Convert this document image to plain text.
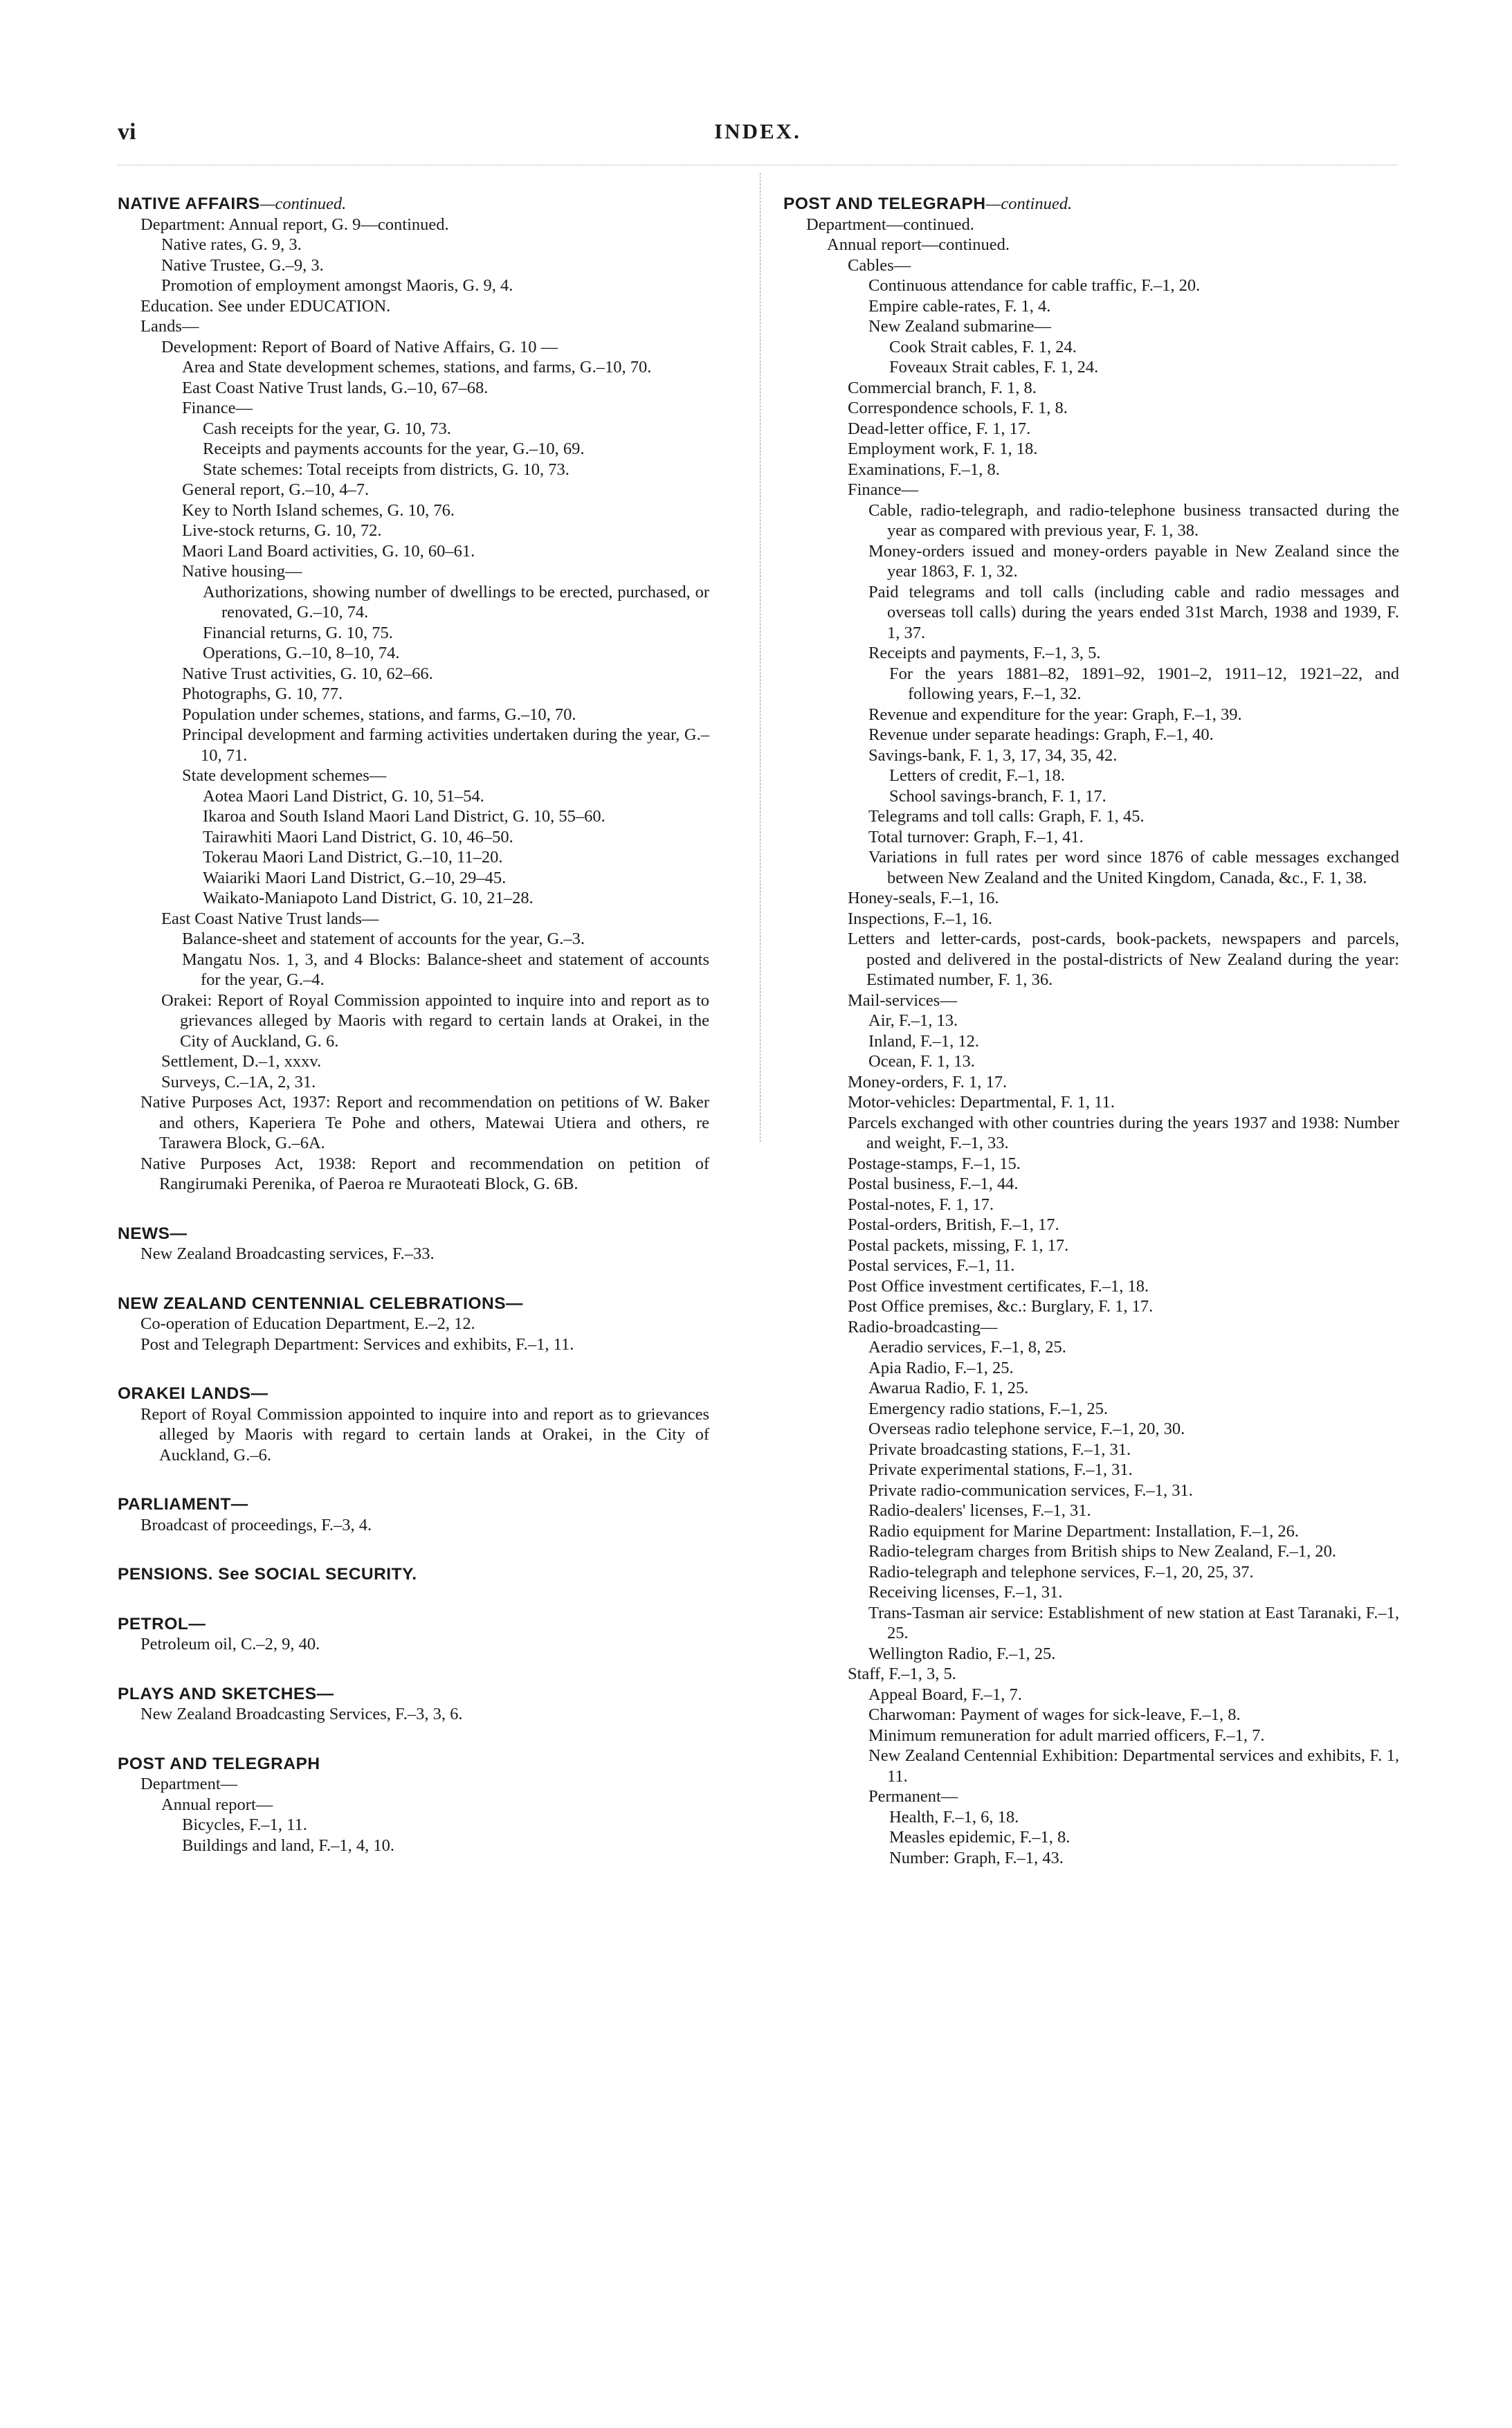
vi	INDEX.

NATIVE AFFAIRS—continued.

Department: Annual report, G. 9—continued.

Native rates, G. 9, 3.

Native Trustee, G.–9, 3.

Promotion of employment amongst Maoris, G. 9, 4.

Education. See under EDUCATION.

Lands—

Development: Report of Board of Native Affairs, G. 10 —

Area and State development schemes, stations, and farms, G.–10, 70.

East Coast Native Trust lands, G.–10, 67–68.

Finance—

Cash receipts for the year, G. 10, 73.

Receipts and payments accounts for the year, G.–10, 69.

State schemes: Total receipts from districts, G. 10, 73.

General report, G.–10, 4–7.

Key to North Island schemes, G. 10, 76.

Live-stock returns, G. 10, 72.

Maori Land Board activities, G. 10, 60–61.

Native housing—

Authorizations, showing number of dwellings to be erected, purchased, or renovated, G.–10, 74.

Financial returns, G. 10, 75.

Operations, G.–10, 8–10, 74.

Native Trust activities, G. 10, 62–66.

Photographs, G. 10, 77.

Population under schemes, stations, and farms, G.–10, 70.

Principal development and farming activities undertaken during the year, G.–10, 71.

State development schemes—

Aotea Maori Land District, G. 10, 51–54.

Ikaroa and South Island Maori Land District, G. 10, 55–60.

Tairawhiti Maori Land District, G. 10, 46–50.

Tokerau Maori Land District, G.–10, 11–20.

Waiariki Maori Land District, G.–10, 29–45.

Waikato-Maniapoto Land District, G. 10, 21–28.

East Coast Native Trust lands—

Balance-sheet and statement of accounts for the year, G.–3.

Mangatu Nos. 1, 3, and 4 Blocks: Balance-sheet and statement of accounts for the year, G.–4.

Orakei: Report of Royal Commission appointed to inquire into and report as to grievances alleged by Maoris with regard to certain lands at Orakei, in the City of Auckland, G. 6.

Settlement, D.–1, xxxv.

Surveys, C.–1A, 2, 31.

Native Purposes Act, 1937: Report and recommendation on petitions of W. Baker and others, Kaperiera Te Pohe and others, Matewai Utiera and others, re Tarawera Block, G.–6A.

Native Purposes Act, 1938: Report and recommendation on petition of Rangirumaki Perenika, of Paeroa re Muraoteati Block, G. 6B.

NEWS—

New Zealand Broadcasting services, F.–33.

NEW ZEALAND CENTENNIAL CELEBRATIONS—

Co-operation of Education Department, E.–2, 12.

Post and Telegraph Department: Services and exhibits, F.–1, 11.

ORAKEI LANDS—

Report of Royal Commission appointed to inquire into and report as to grievances alleged by Maoris with regard to certain lands at Orakei, in the City of Auckland, G.–6.

PARLIAMENT—

Broadcast of proceedings, F.–3, 4.

PENSIONS. See SOCIAL SECURITY.

PETROL—

Petroleum oil, C.–2, 9, 40.

PLAYS AND SKETCHES—

New Zealand Broadcasting Services, F.–3, 3, 6.

POST AND TELEGRAPH

Department—

Annual report—

Bicycles, F.–1, 11.

Buildings and land, F.–1, 4, 10.

POST AND TELEGRAPH—continued.

Department—continued.

Annual report—continued.

Cables—

Continuous attendance for cable traffic, F.–1, 20.

Empire cable-rates, F. 1, 4.

New Zealand submarine—

Cook Strait cables, F. 1, 24.

Foveaux Strait cables, F. 1, 24.

Commercial branch, F. 1, 8.

Correspondence schools, F. 1, 8.

Dead-letter office, F. 1, 17.

Employment work, F. 1, 18.

Examinations, F.–1, 8.

Finance—

Cable, radio-telegraph, and radio-telephone business transacted during the year as compared with previous year, F. 1, 38.

Money-orders issued and money-orders payable in New Zealand since the year 1863, F. 1, 32.

Paid telegrams and toll calls (including cable and radio messages and overseas toll calls) during the years ended 31st March, 1938 and 1939, F. 1, 37.

Receipts and payments, F.–1, 3, 5.

For the years 1881–82, 1891–92, 1901–2, 1911–12, 1921–22, and following years, F.–1, 32.

Revenue and expenditure for the year: Graph, F.–1, 39.

Revenue under separate headings: Graph, F.–1, 40.

Savings-bank, F. 1, 3, 17, 34, 35, 42.

Letters of credit, F.–1, 18.

School savings-branch, F. 1, 17.

Telegrams and toll calls: Graph, F. 1, 45.

Total turnover: Graph, F.–1, 41.

Variations in full rates per word since 1876 of cable messages exchanged between New Zealand and the United Kingdom, Canada, &c., F. 1, 38.

Honey-seals, F.–1, 16.

Inspections, F.–1, 16.

Letters and letter-cards, post-cards, book-packets, newspapers and parcels, posted and delivered in the postal-districts of New Zealand during the year: Estimated number, F. 1, 36.

Mail-services—

Air, F.–1, 13.

Inland, F.–1, 12.

Ocean, F. 1, 13.

Money-orders, F. 1, 17.

Motor-vehicles: Departmental, F. 1, 11.

Parcels exchanged with other countries during the years 1937 and 1938: Number and weight, F.–1, 33.

Postage-stamps, F.–1, 15.

Postal business, F.–1, 44.

Postal-notes, F. 1, 17.

Postal-orders, British, F.–1, 17.

Postal packets, missing, F. 1, 17.

Postal services, F.–1, 11.

Post Office investment certificates, F.–1, 18.

Post Office premises, &c.: Burglary, F. 1, 17.

Radio-broadcasting—

Aeradio services, F.–1, 8, 25.

Apia Radio, F.–1, 25.

Awarua Radio, F. 1, 25.

Emergency radio stations, F.–1, 25.

Overseas radio telephone service, F.–1, 20, 30.

Private broadcasting stations, F.–1, 31.

Private experimental stations, F.–1, 31.

Private radio-communication services, F.–1, 31.

Radio-dealers' licenses, F.–1, 31.

Radio equipment for Marine Department: Installation, F.–1, 26.

Radio-telegram charges from British ships to New Zealand, F.–1, 20.

Radio-telegraph and telephone services, F.–1, 20, 25, 37.

Receiving licenses, F.–1, 31.

Trans-Tasman air service: Establishment of new station at East Taranaki, F.–1, 25.

Wellington Radio, F.–1, 25.

Staff, F.–1, 3, 5.

Appeal Board, F.–1, 7.

Charwoman: Payment of wages for sick-leave, F.–1, 8.

Minimum remuneration for adult married officers, F.–1, 7.

New Zealand Centennial Exhibition: Departmental services and exhibits, F. 1, 11.

Permanent—

Health, F.–1, 6, 18.

Measles epidemic, F.–1, 8.

Number: Graph, F.–1, 43.
